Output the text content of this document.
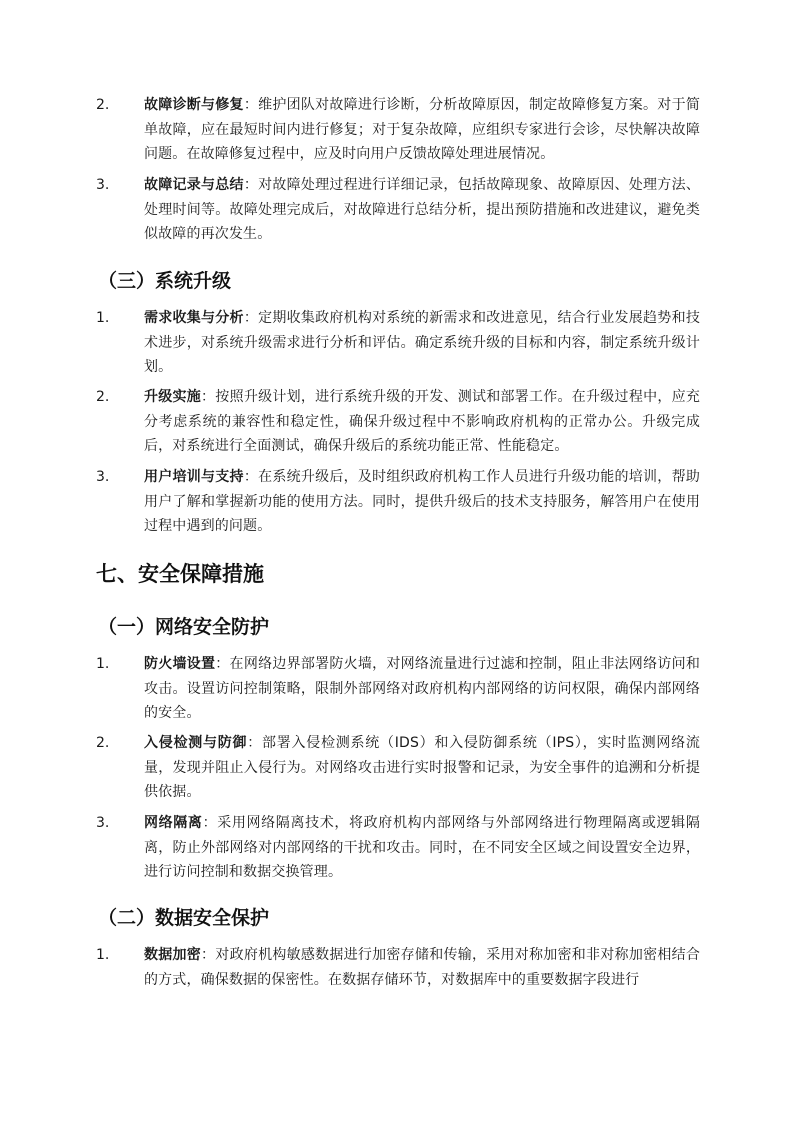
2.	故障诊断与修复：维护团队对故障进行诊断，分析故障原因，制定故障修复方案。对于简单故障，应在最短时间内进行修复；对于复杂故障，应组织专家进行会诊，尽快解决故障问题。在故障修复过程中，应及时向用户反馈故障处理进展情况。
3.	故障记录与总结：对故障处理过程进行详细记录，包括故障现象、故障原因、处理方法、处理时间等。故障处理完成后，对故障进行总结分析，提出预防措施和改进建议，避免类似故障的再次发生。
（三）系统升级
1.	需求收集与分析：定期收集政府机构对系统的新需求和改进意见，结合行业发展趋势和技术进步，对系统升级需求进行分析和评估。确定系统升级的目标和内容，制定系统升级计划。
2.	升级实施：按照升级计划，进行系统升级的开发、测试和部署工作。在升级过程中，应充分考虑系统的兼容性和稳定性，确保升级过程中不影响政府机构的正常办公。升级完成后，对系统进行全面测试，确保升级后的系统功能正常、性能稳定。
3.	用户培训与支持：在系统升级后，及时组织政府机构工作人员进行升级功能的培训，帮助用户了解和掌握新功能的使用方法。同时，提供升级后的技术支持服务，解答用户在使用过程中遇到的问题。
七、安全保障措施
（一）网络安全防护
1.	防火墙设置：在网络边界部署防火墙，对网络流量进行过滤和控制，阻止非法网络访问和攻击。设置访问控制策略，限制外部网络对政府机构内部网络的访问权限，确保内部网络的安全。
2.	入侵检测与防御：部署入侵检测系统（IDS）和入侵防御系统（IPS），实时监测网络流量，发现并阻止入侵行为。对网络攻击进行实时报警和记录，为安全事件的追溯和分析提供依据。
3.	网络隔离：采用网络隔离技术，将政府机构内部网络与外部网络进行物理隔离或逻辑隔离，防止外部网络对内部网络的干扰和攻击。同时，在不同安全区域之间设置安全边界，进行访问控制和数据交换管理。
（二）数据安全保护
1.	数据加密：对政府机构敏感数据进行加密存储和传输，采用对称加密和非对称加密相结合的方式，确保数据的保密性。在数据存储环节，对数据库中的重要数据字段进行
